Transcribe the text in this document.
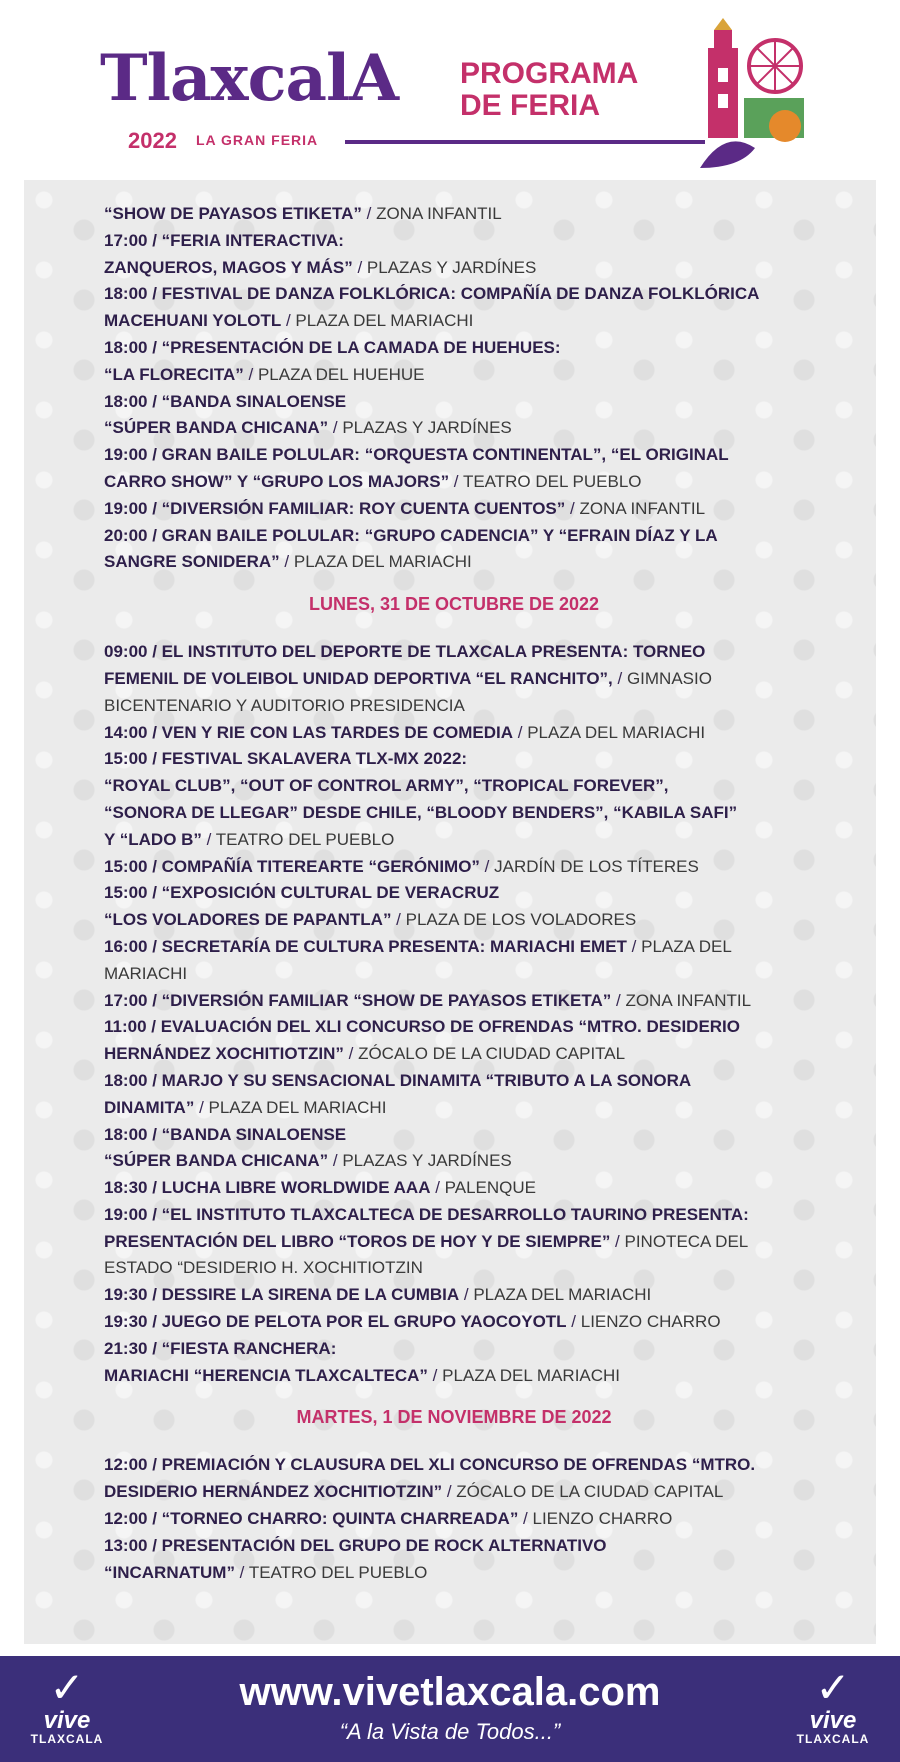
TlaxcalA
2022 LA GRAN FERIA
PROGRAMA
DE FERIA
“SHOW DE PAYASOS ETIKETA” / ZONA INFANTIL
17:00 / “FERIA INTERACTIVA:
ZANQUEROS, MAGOS Y MÁS” / PLAZAS Y JARDÍNES
18:00 / FESTIVAL DE DANZA FOLKLÓRICA: COMPAÑÍA DE DANZA FOLKLÓRICA
MACEHUANI YOLOTL / PLAZA DEL MARIACHI
18:00 / “PRESENTACIÓN DE LA CAMADA DE HUEHUES:
“LA FLORECITA” / PLAZA DEL HUEHUE
18:00 / “BANDA SINALOENSE
“SÚPER BANDA CHICANA” / PLAZAS Y JARDÍNES
19:00 / GRAN BAILE POLULAR: “ORQUESTA CONTINENTAL”, “EL ORIGINAL
CARRO SHOW” Y “GRUPO LOS MAJORS” / TEATRO DEL PUEBLO
19:00 / “DIVERSIÓN FAMILIAR: ROY CUENTA CUENTOS” / ZONA INFANTIL
20:00 / GRAN BAILE POLULAR: “GRUPO CADENCIA” Y “EFRAIN DÍAZ Y LA
SANGRE SONIDERA” / PLAZA DEL MARIACHI
LUNES, 31 DE OCTUBRE DE 2022
09:00 / EL INSTITUTO DEL DEPORTE DE TLAXCALA PRESENTA: TORNEO
FEMENIL DE VOLEIBOL UNIDAD DEPORTIVA “EL RANCHITO”, / GIMNASIO
BICENTENARIO Y AUDITORIO PRESIDENCIA
14:00 / VEN Y RIE CON LAS TARDES DE COMEDIA / PLAZA DEL MARIACHI
15:00 / FESTIVAL SKALAVERA TLX-MX 2022:
“ROYAL CLUB”, “OUT OF CONTROL ARMY”, “TROPICAL FOREVER”,
“SONORA DE LLEGAR” DESDE CHILE, “BLOODY BENDERS”, “KABILA SAFI”
Y “LADO B” / TEATRO DEL PUEBLO
15:00 / COMPAÑÍA TITEREARTE “GERÓNIMO” / JARDÍN DE LOS TÍTERES
15:00 / “EXPOSICIÓN CULTURAL DE VERACRUZ
“LOS VOLADORES DE PAPANTLA” / PLAZA DE LOS VOLADORES
16:00 / SECRETARÍA DE CULTURA PRESENTA: MARIACHI EMET / PLAZA DEL
MARIACHI
17:00 / “DIVERSIÓN FAMILIAR “SHOW DE PAYASOS ETIKETA” / ZONA INFANTIL
11:00 / EVALUACIÓN DEL XLI CONCURSO DE OFRENDAS “MTRO. DESIDERIO
HERNÁNDEZ XOCHITIOTZIN” / ZÓCALO DE LA CIUDAD CAPITAL
18:00 / MARJO Y SU SENSACIONAL DINAMITA “TRIBUTO A LA SONORA
DINAMITA” / PLAZA DEL MARIACHI
18:00 / “BANDA SINALOENSE
“SÚPER BANDA CHICANA” / PLAZAS Y JARDÍNES
18:30 / LUCHA LIBRE WORLDWIDE AAA / PALENQUE
19:00 / “EL INSTITUTO TLAXCALTECA DE DESARROLLO TAURINO PRESENTA:
PRESENTACIÓN DEL LIBRO “TOROS DE HOY Y DE SIEMPRE” / PINOTECA DEL
ESTADO “DESIDERIO H. XOCHITIOTZIN
19:30 / DESSIRE LA SIRENA DE LA CUMBIA / PLAZA DEL MARIACHI
19:30 / JUEGO DE PELOTA POR EL GRUPO YAOCOYOTL / LIENZO CHARRO
21:30 / “FIESTA RANCHERA:
MARIACHI “HERENCIA TLAXCALTECA” / PLAZA DEL MARIACHI
MARTES, 1 DE NOVIEMBRE DE 2022
12:00 / PREMIACIÓN Y CLAUSURA DEL XLI CONCURSO DE OFRENDAS “MTRO.
DESIDERIO HERNÁNDEZ XOCHITIOTZIN” / ZÓCALO DE LA CIUDAD CAPITAL
12:00 / “TORNEO CHARRO: QUINTA CHARREADA” / LIENZO CHARRO
13:00 / PRESENTACIÓN DEL GRUPO DE ROCK ALTERNATIVO
“INCARNATUM” / TEATRO DEL PUEBLO
✓
vive
TLAXCALA
www.vivetlaxcala.com
“A la Vista de Todos...”
✓
vive
TLAXCALA
